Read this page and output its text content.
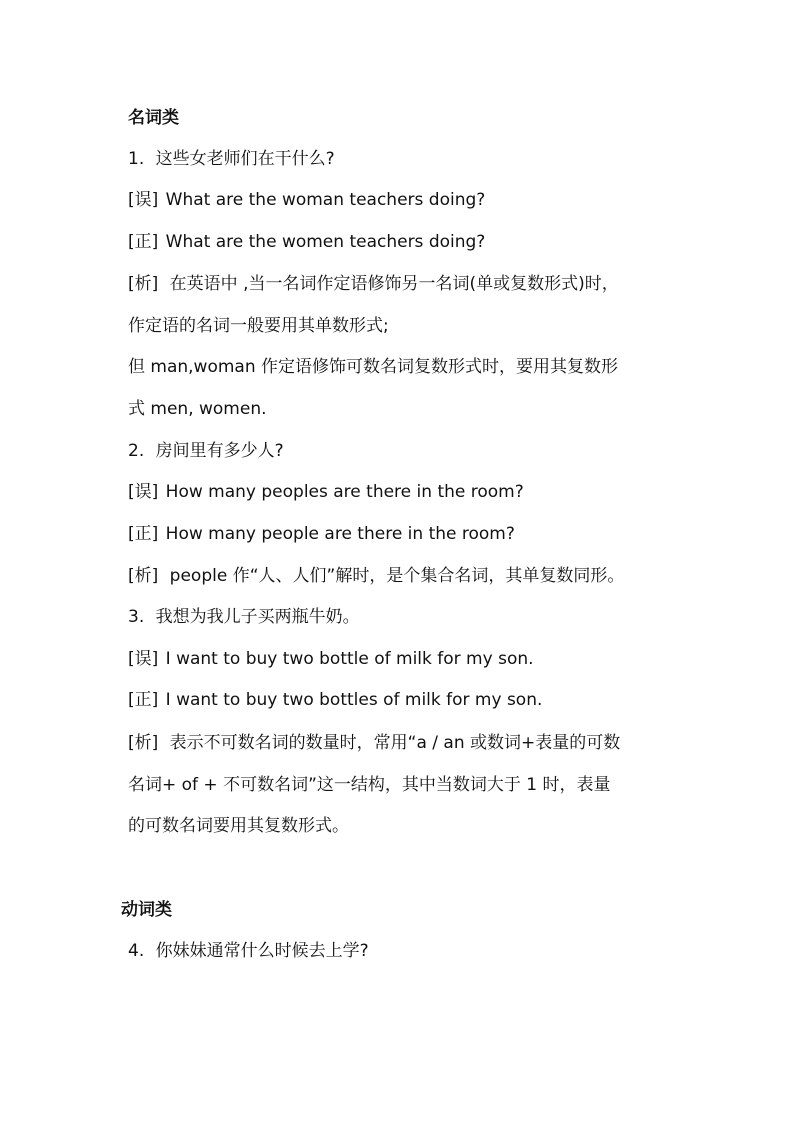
名词类
1. 这些女老师们在干什么?
[误] What are the woman teachers doing?
[正] What are the women teachers doing?
[析] 在英语中 ,当一名词作定语修饰另一名词(单或复数形式)时，
作定语的名词一般要用其单数形式;
但 man,woman 作定语修饰可数名词复数形式时，要用其复数形
式 men, women.
2. 房间里有多少人?
[误] How many peoples are there in the room?
[正] How many people are there in the room?
[析] people 作“人、人们”解时，是个集合名词，其单复数同形。
3. 我想为我儿子买两瓶牛奶。
[误] I want to buy two bottle of milk for my son.
[正] I want to buy two bottles of milk for my son.
[析] 表示不可数名词的数量时，常用“a / an 或数词+表量的可数
名词+ of + 不可数名词”这一结构，其中当数词大于 1 时，表量
的可数名词要用其复数形式。
动词类
4. 你妹妹通常什么时候去上学?
